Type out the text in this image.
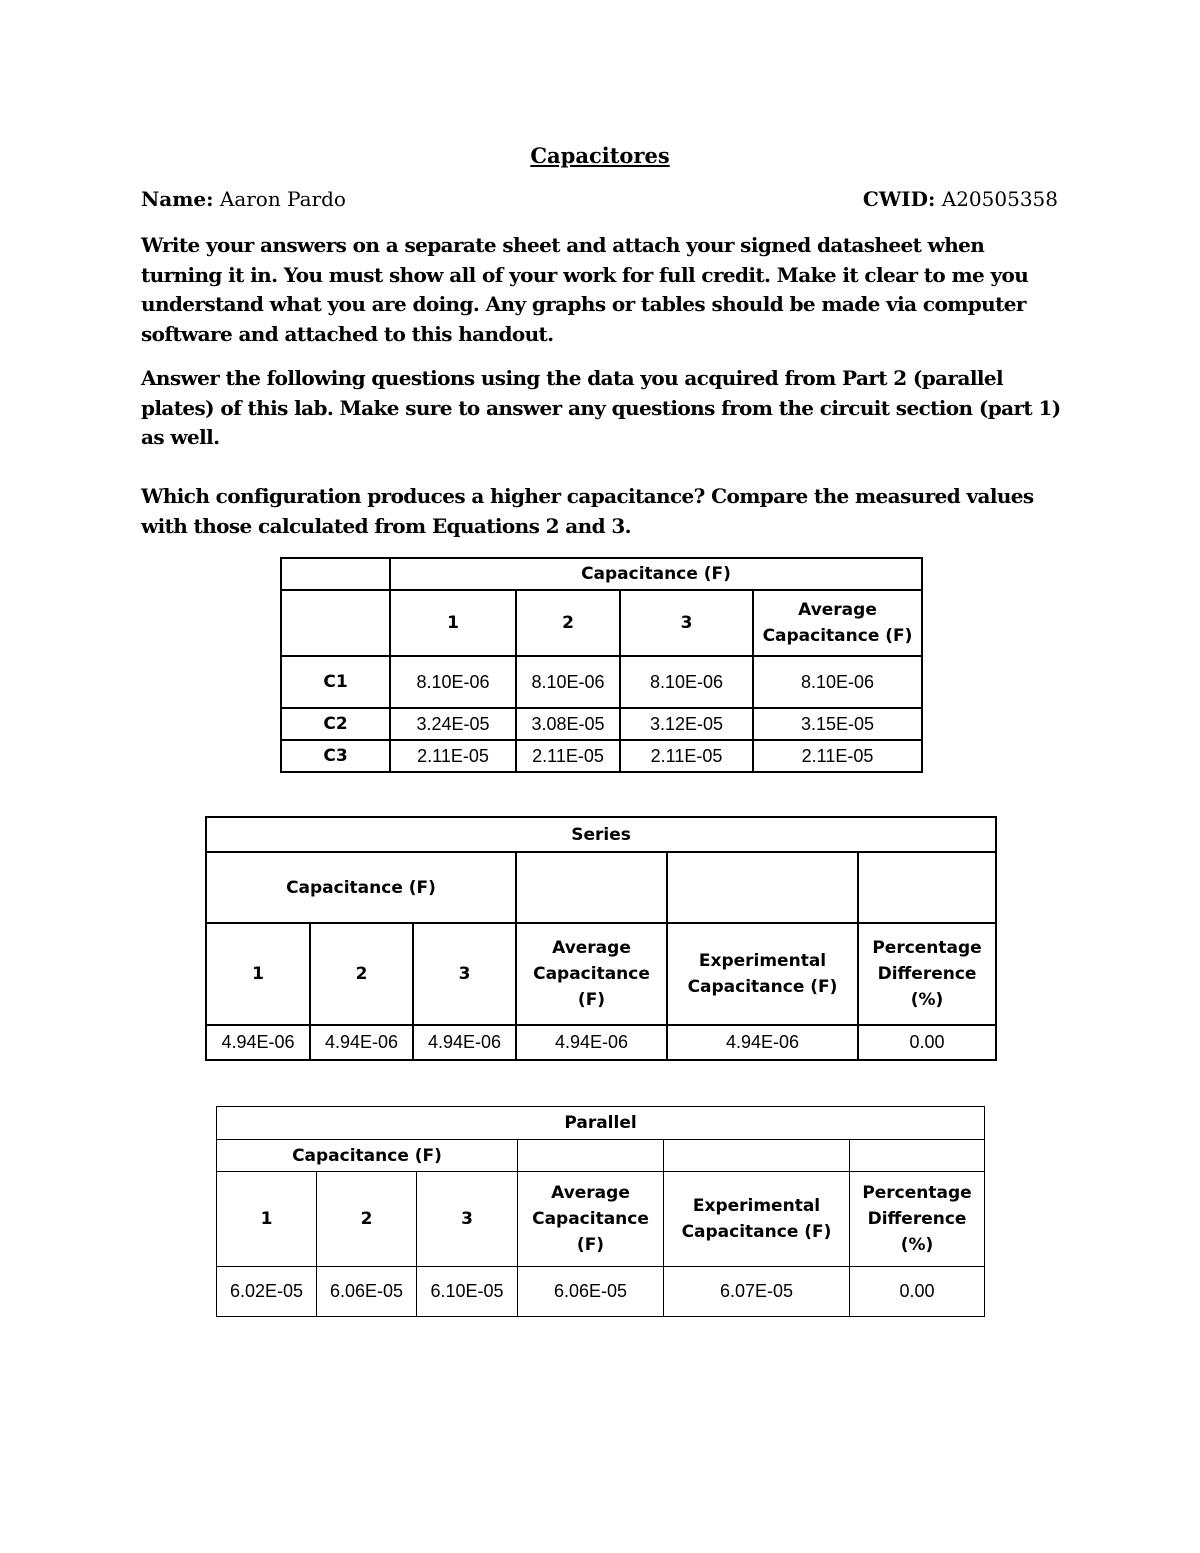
Capacitores
Name: Aaron Pardo	CWID: A20505358

Write your answers on a separate sheet and attach your signed datasheet when turning it in. You must show all of your work for full credit. Make it clear to me you understand what you are doing. Any graphs or tables should be made via computer software and attached to this handout.

Answer the following questions using the data you acquired from Part 2 (parallel plates) of this lab. Make sure to answer any questions from the circuit section (part 1) as well.

Which configuration produces a higher capacitance? Compare the measured values with those calculated from Equations 2 and 3.

	Capacitance (F)			
	1	2	3	Average Capacitance (F)
C1	8.10E-06	8.10E-06	8.10E-06	8.10E-06
C2	3.24E-05	3.08E-05	3.12E-05	3.15E-05
C3	2.11E-05	2.11E-05	2.11E-05	2.11E-05
Series					
Capacitance (F)					
1	2	3	Average Capacitance (F)	Experimental Capacitance (F)	Percentage Difference (%)
4.94E-06	4.94E-06	4.94E-06	4.94E-06	4.94E-06	0.00
Parallel					
Capacitance (F)					
1	2	3	Average Capacitance (F)	Experimental Capacitance (F)	Percentage Difference (%)
6.02E-05	6.06E-05	6.10E-05	6.06E-05	6.07E-05	0.00
